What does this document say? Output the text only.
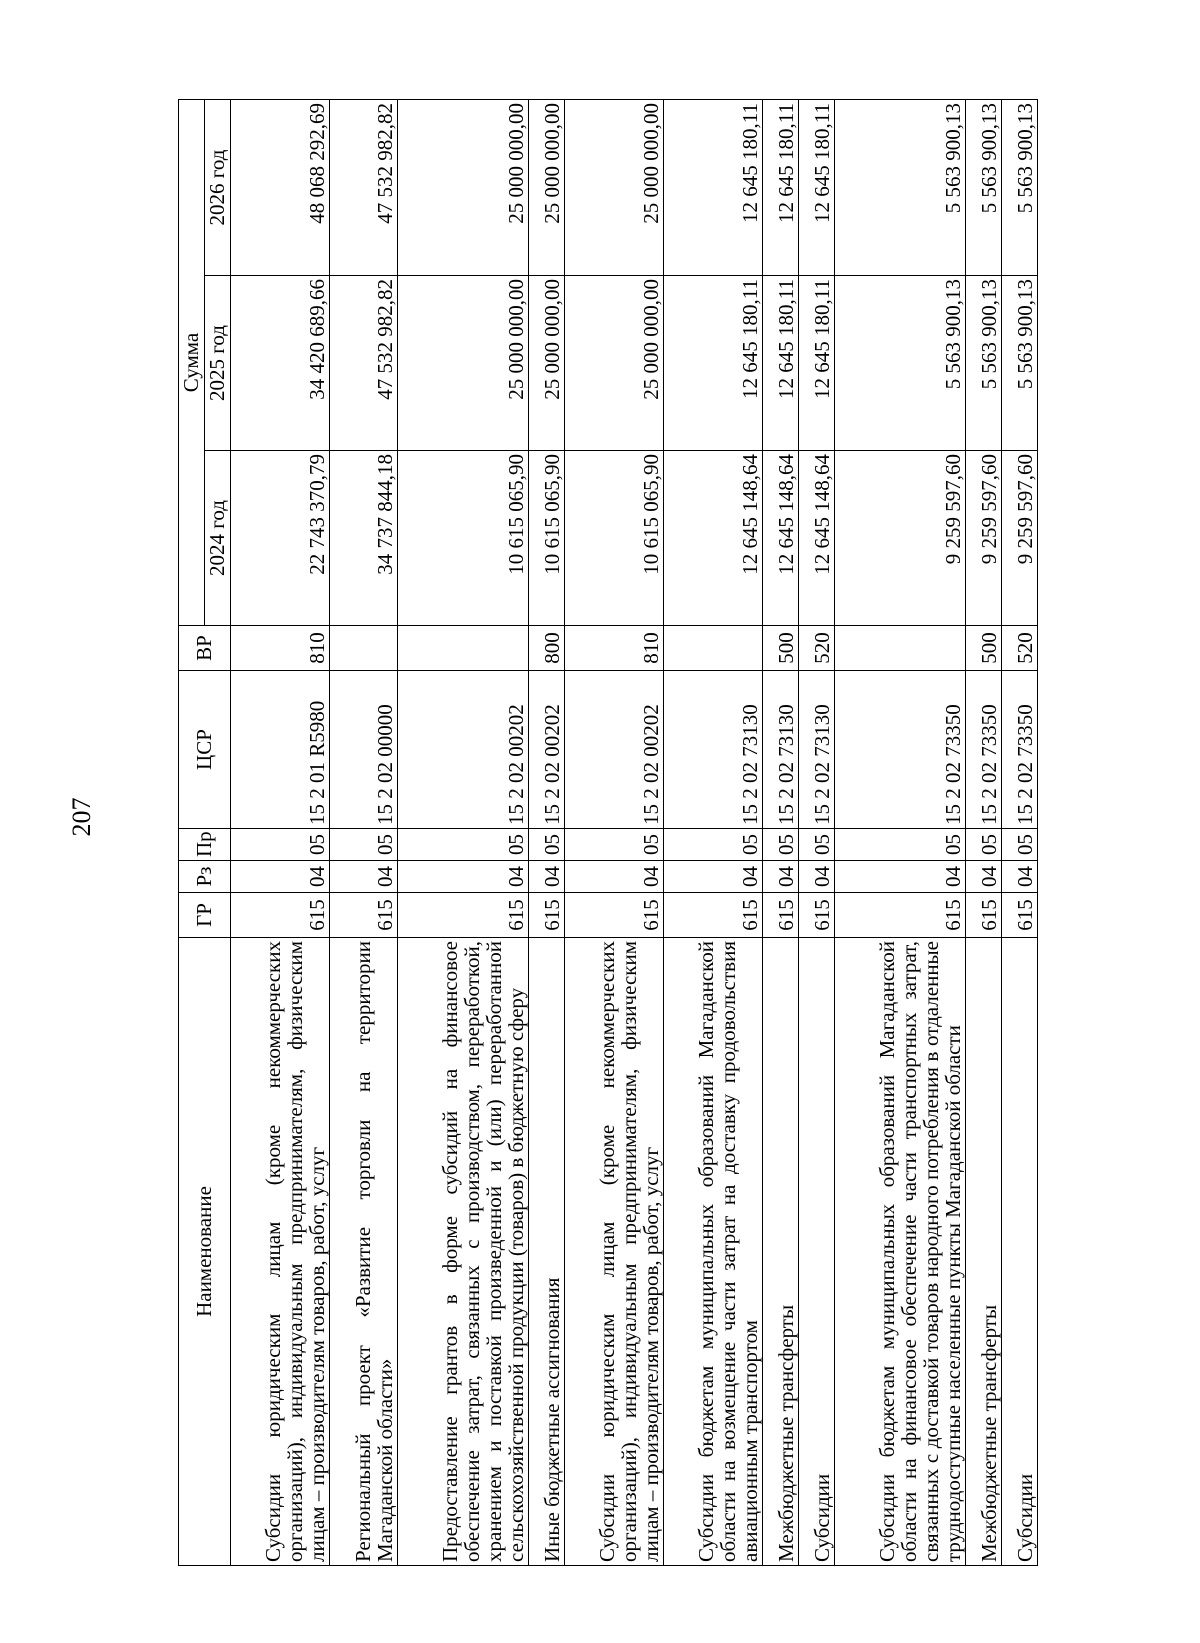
207
Наименование	ГР	Рз	Пр	ЦСР	ВР	Сумма		
						2024 год	2025 год	2026 год
Субсидии юридическим лицам (кроме некоммерческих организаций), индивидуальным предпринимателям, физическим лицам – производителям товаров, работ, услуг	615	04	05	15 2 01 R5980	810	22 743 370,79	34 420 689,66	48 068 292,69
Региональный проект «Развитие торговли на территории Магаданской области»	615	04	05	15 2 02 00000		34 737 844,18	47 532 982,82	47 532 982,82
Предоставление грантов в форме субсидий на финансовое обеспечение затрат, связанных с производством, переработкой, хранением и поставкой произведенной и (или) переработанной сельскохозяйственной продукции (товаров) в бюджетную сферу	615	04	05	15 2 02 00202		10 615 065,90	25 000 000,00	25 000 000,00
Иные бюджетные ассигнования	615	04	05	15 2 02 00202	800	10 615 065,90	25 000 000,00	25 000 000,00
Субсидии юридическим лицам (кроме некоммерческих организаций), индивидуальным предпринимателям, физическим лицам – производителям товаров, работ, услуг	615	04	05	15 2 02 00202	810	10 615 065,90	25 000 000,00	25 000 000,00
Субсидии бюджетам муниципальных образований Магаданской области на возмещение части затрат на доставку продовольствия авиационным транспортом	615	04	05	15 2 02 73130		12 645 148,64	12 645 180,11	12 645 180,11
Межбюджетные трансферты	615	04	05	15 2 02 73130	500	12 645 148,64	12 645 180,11	12 645 180,11
Субсидии	615	04	05	15 2 02 73130	520	12 645 148,64	12 645 180,11	12 645 180,11
Субсидии бюджетам муниципальных образований Магаданской области на финансовое обеспечение части транспортных затрат, связанных с доставкой товаров народного потребления в отдаленные труднодоступные населенные пункты Магаданской области	615	04	05	15 2 02 73350		9 259 597,60	5 563 900,13	5 563 900,13
Межбюджетные трансферты	615	04	05	15 2 02 73350	500	9 259 597,60	5 563 900,13	5 563 900,13
Субсидии	615	04	05	15 2 02 73350	520	9 259 597,60	5 563 900,13	5 563 900,13
